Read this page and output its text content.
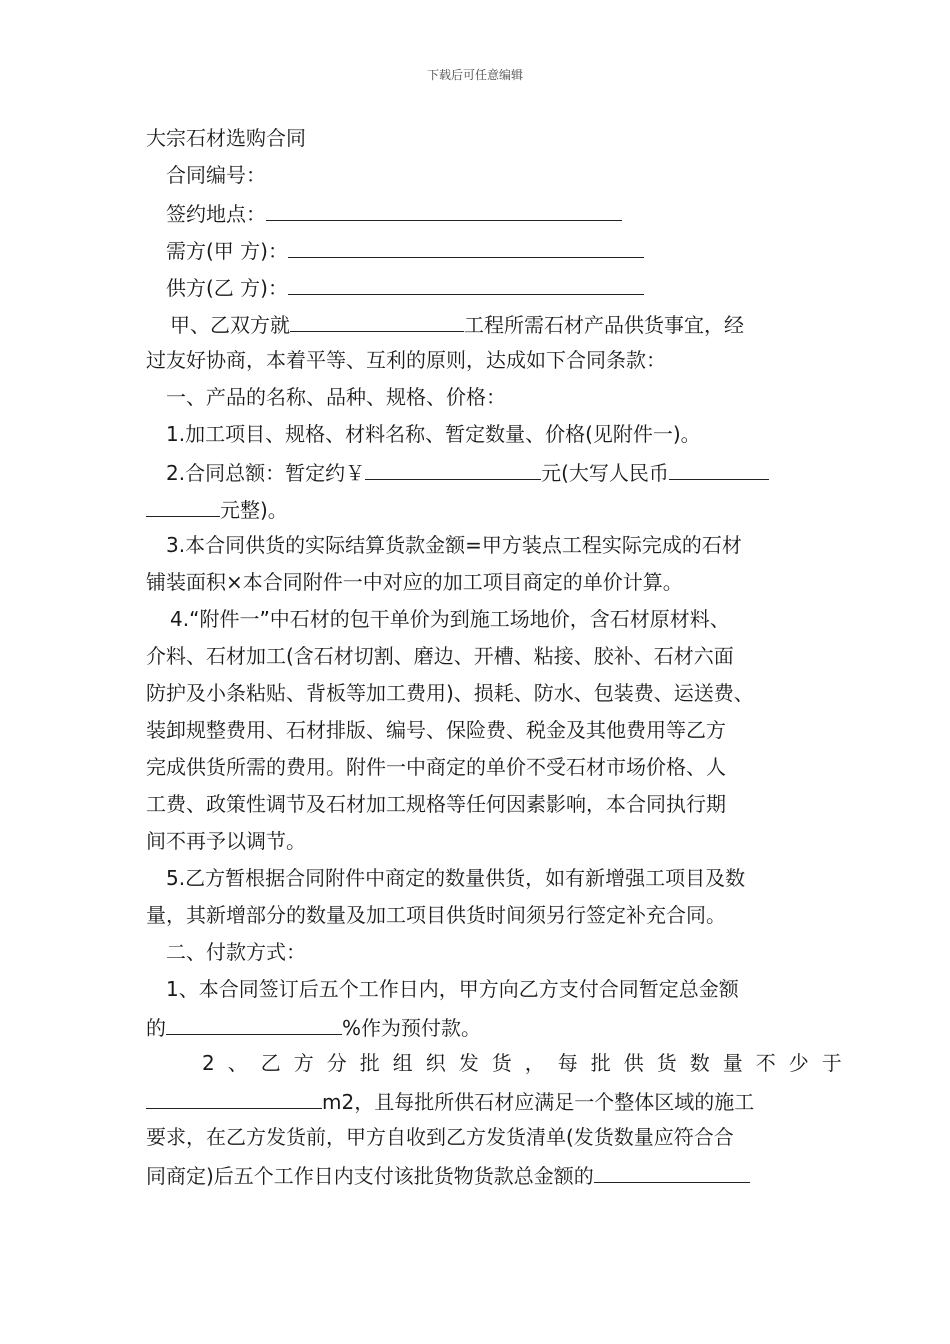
下载后可任意编辑
大宗石材选购合同
合同编号：
签约地点：
需方(甲 方)：
供方(乙 方)：
甲、乙双方就	工程所需石材产品供货事宜，经
过友好协商，本着平等、互利的原则，达成如下合同条款：
一、产品的名称、品种、规格、价格：
1.加工项目、规格、材料名称、暂定数量、价格(见附件一)。
2.合同总额：暂定约￥	元(大写人民币
元整)。
3.本合同供货的实际结算货款金额=甲方装点工程实际完成的石材
铺装面积×本合同附件一中对应的加工项目商定的单价计算。
4.“附件一”中石材的包干单价为到施工场地价，含石材原材料、
介料、石材加工(含石材切割、磨边、开槽、粘接、胶补、石材六面
防护及小条粘贴、背板等加工费用)、损耗、防水、包装费、运送费、
装卸规整费用、石材排版、编号、保险费、税金及其他费用等乙方
完成供货所需的费用。附件一中商定的单价不受石材市场价格、人
工费、政策性调节及石材加工规格等任何因素影响，本合同执行期
间不再予以调节。
5.乙方暂根据合同附件中商定的数量供货，如有新增强工项目及数
量，其新增部分的数量及加工项目供货时间须另行签定补充合同。
二、付款方式：
1、本合同签订后五个工作日内，甲方向乙方支付合同暂定总金额
的	%作为预付款。
2、乙方分批组织发货，每批供货数量不少于
m2，且每批所供石材应满足一个整体区域的施工
要求，在乙方发货前，甲方自收到乙方发货清单(发货数量应符合合
同商定)后五个工作日内支付该批货物货款总金额的
